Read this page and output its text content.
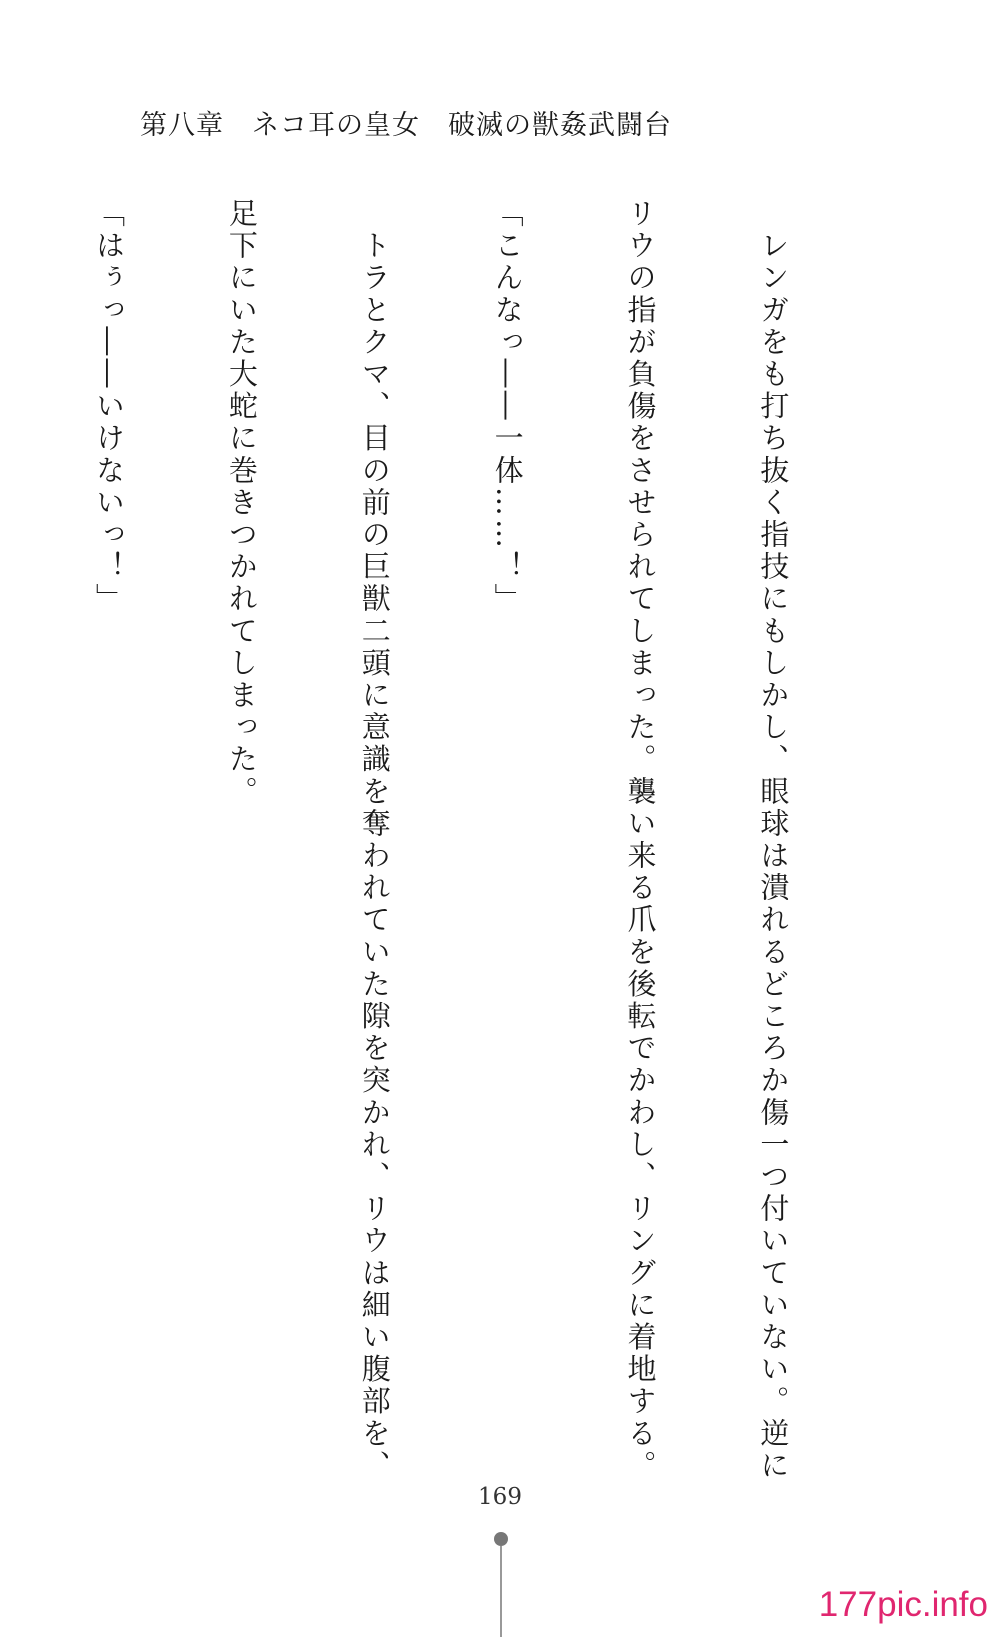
第八章　ネコ耳の皇女　破滅の獣姦武闘台

　レンガをも打ち抜く指技にもしかし、眼球は潰れるどころか傷一つ付いていない。逆に

リウの指が負傷をさせられてしまった。襲い来る爪を後転でかわし、リングに着地する。

「こんなっ――一体……！」

　トラとクマ、目の前の巨獣二頭に意識を奪われていた隙を突かれ、リウは細い腹部を、

足下にいた大蛇に巻きつかれてしまった。

「はぅっ――いけないっ！」

169
177pic.info
